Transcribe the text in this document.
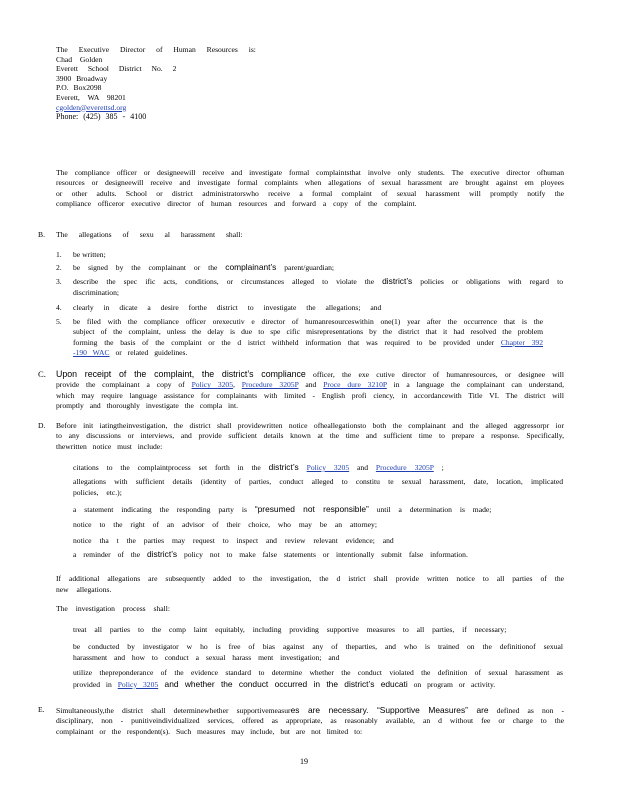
The Executive Director of Human Resources is:
Chad Golden
Everett School District No. 2
3900 Broadway
P.O. Box2098
Everett, WA 98201
cgolden@everettsd.org
Phone: (425) 385 - 4100

The compliance officer or designeewill receive and investigate formal complaintsthat involve only students. The executive director ofhuman resources or designeewill receive and investigate formal complaints when allegations of sexual harassment are brought against em ployees or other adults. School or district administratorswho receive a formal complaint of sexual harassment will promptly notify the compliance officeror executive director of human resources and forward a copy of the complaint.

B. The allegations of sexu al harassment shall:
1. be written;
2. be signed by the complainant or the complainant’s parent/guardian;
3. describe the spec ific acts, conditions, or circumstances alleged to violate the district’s policies or obligations with regard to discrimination;
4. clearly in dicate a desire forthe district to investigate the allegations; and
5. be filed with the compliance officer orexecutiv e director of humanresourceswithin one(1) year after the occurrence that is the subject of the complaint, unless the delay is due to spe cific misrepresentations by the district that it had resolved the problem forming the basis of the complaint or the d istrict withheld information that was required to be provided under Chapter 392 -190 WAC or related guidelines.
C. Upon receipt of the complaint, the district’s compliance officer, the exe cutive director of humanresources, or designee will provide the complainant a copy of Policy 3205, Procedure 3205P and Proce dure 3210P in a language the complainant can understand, which may require language assistance for complainants with limited - English profi ciency, in accordancewith Title VI. The district will promptly and thoroughly investigate the compla int.
D. Before init iatingtheinvestigation, the district shall providewritten notice ofheallegationsto both the complainant and the alleged aggressorpr ior to any discussions or interviews, and provide sufficient details known at the time and sufficient time to prepare a response. Specifically, thewritten notice must include:

citations to the complaintprocess set forth in the district’s Policy 3205 and Procedure 3205P ;
allegations with sufficient details (identity of parties, conduct alleged to constitu te sexual harassment, date, location, implicated policies, etc.);
a statement indicating the responding party is “presumed not responsible” until a determination is made;
notice to the right of an advisor of their choice, who may be an attorney;
notice tha t the parties may request to inspect and review relevant evidence; and
a reminder of the district’s policy not to make false statements or intentionally submit false information.
If additional allegations are subsequently added to the investigation, the d istrict shall provide written notice to all parties of the new allegations.
The investigation process shall:
treat all parties to the comp laint equitably, including providing supportive measures to all parties, if necessary;
be conducted by investigator w ho is free of bias against any of theparties, and who is trained on the definitionof sexual harassment and how to conduct a sexual harass ment investigation; and
utilize thepreponderance of the evidence standard to determine whether the conduct violated the definition of sexual harassment as provided in Policy 3205 and whether the conduct occurred in the district’s educati on program or activity.
E. Simultaneously,the district shall determinewhether supportivemeasures are necessary. “Supportive Measures” are defined as non - disciplinary, non - punitiveindividualized services, offered as appropriate, as reasonably available, an d without fee or charge to the complainant or the respondent(s). Such measures may include, but are not limited to:
19
